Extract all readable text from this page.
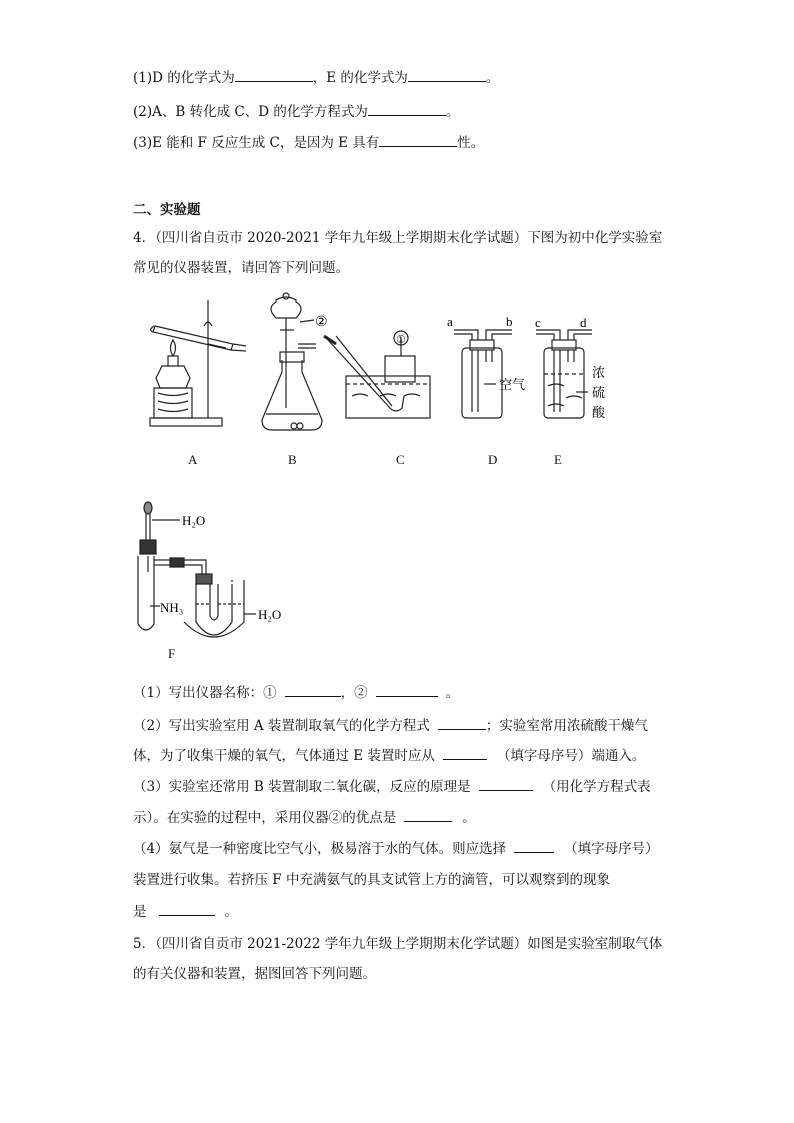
(1)D 的化学式为	，E 的化学式为	。
(2)A、B 转化成 C、D 的化学方程式为	。
(3)E 能和 F 反应生成 C，是因为 E 具有	性。
二、实验题
4．（四川省自贡市 2020-2021 学年九年级上学期期末化学试题）下图为初中化学实验室
常见的仪器装置，请回答下列问题。
②
①
a	b c	d
空气
浓
硫
酸
A	B	C	D	E
H₂O
NH₃	H₂O
F
（1）写出仪器名称：①	，②	。
（2）写出实验室用 A 装置制取氧气的化学方程式	；实验室常用浓硫酸干燥气
体，为了收集干燥的氧气，气体通过 E 装置时应从	（填字母序号）端通入。
（3）实验室还常用 B 装置制取二氧化碳，反应的原理是	（用化学方程式表
示）。在实验的过程中，采用仪器②的优点是	。
（4）氨气是一种密度比空气小，极易溶于水的气体。则应选择	（填字母序号）
装置进行收集。若挤压 F 中充满氨气的具支试管上方的滴管，可以观察到的现象
是	。
5．（四川省自贡市 2021-2022 学年九年级上学期期末化学试题）如图是实验室制取气体
的有关仪器和装置，据图回答下列问题。
